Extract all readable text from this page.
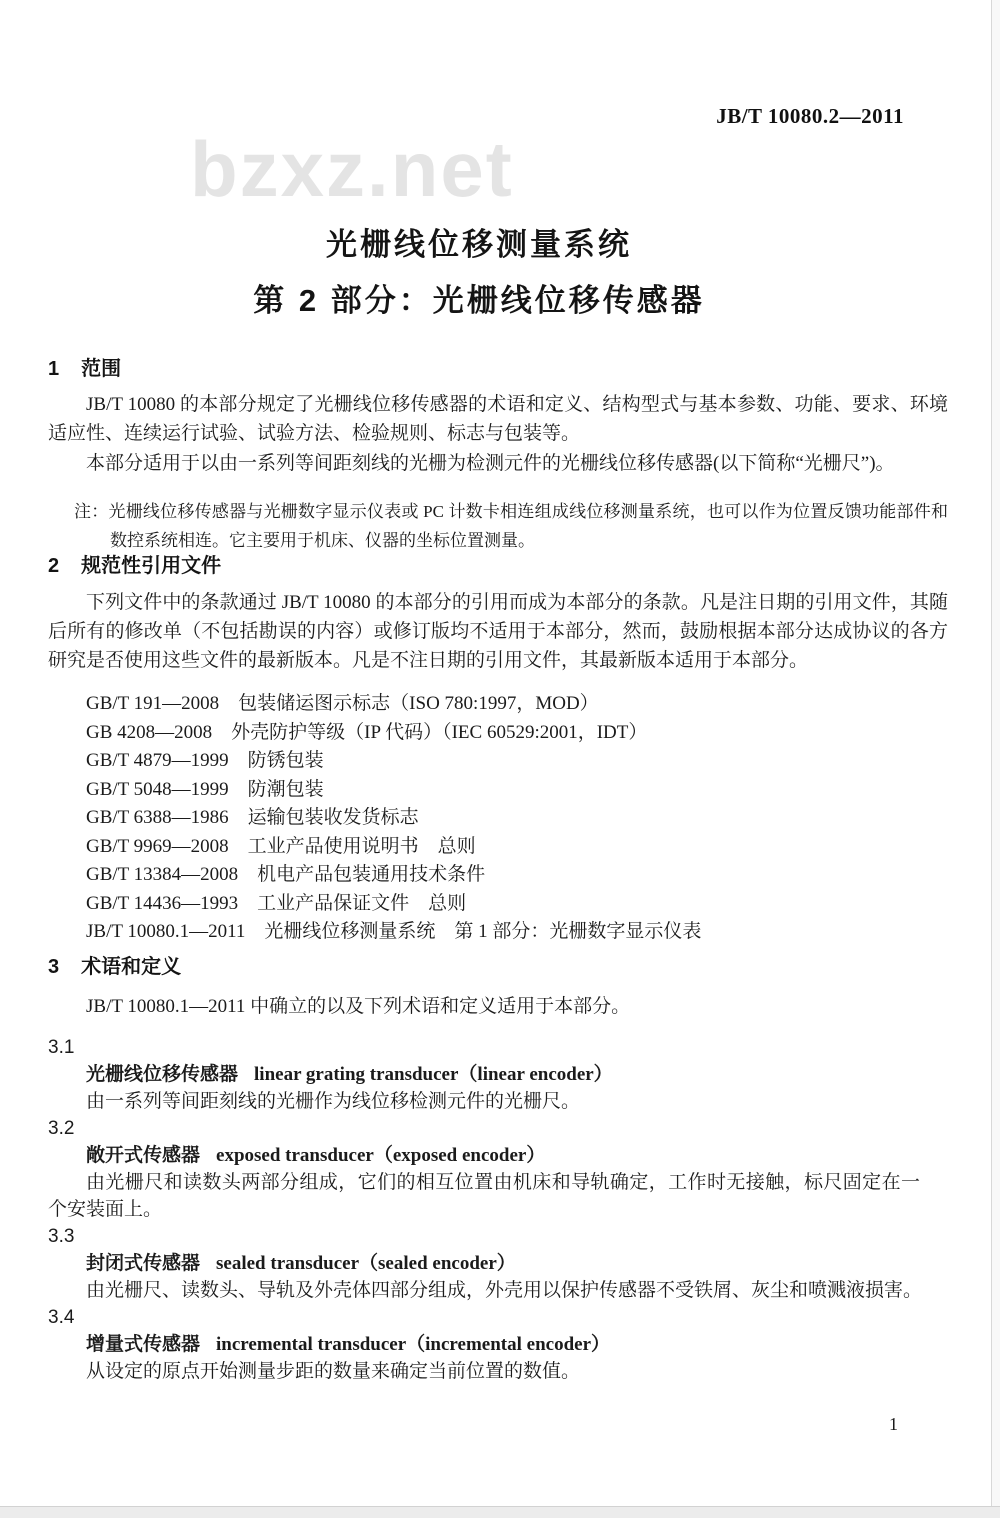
JB/T 10080.2—2011
bzxz.net
光栅线位移测量系统
第 2 部分：光栅线位移传感器
1 范围

JB/T 10080 的本部分规定了光栅线位移传感器的术语和定义、结构型式与基本参数、功能、要求、环境适应性、连续运行试验、试验方法、检验规则、标志与包装等。

本部分适用于以由一系列等间距刻线的光栅为检测元件的光栅线位移传感器(以下简称“光栅尺”)。

注：光栅线位移传感器与光栅数字显示仪表或 PC 计数卡相连组成线位移测量系统，也可以作为位置反馈功能部件和数控系统相连。它主要用于机床、仪器的坐标位置测量。

2 规范性引用文件

下列文件中的条款通过 JB/T 10080 的本部分的引用而成为本部分的条款。凡是注日期的引用文件，其随后所有的修改单（不包括勘误的内容）或修订版均不适用于本部分，然而，鼓励根据本部分达成协议的各方研究是否使用这些文件的最新版本。凡是不注日期的引用文件，其最新版本适用于本部分。

GB/T 191—2008　包装储运图示标志（ISO 780:1997，MOD）

GB 4208—2008　外壳防护等级（IP 代码）（IEC 60529:2001，IDT）

GB/T 4879—1999　防锈包装

GB/T 5048—1999　防潮包装

GB/T 6388—1986　运输包装收发货标志

GB/T 9969—2008　工业产品使用说明书　总则

GB/T 13384—2008　机电产品包装通用技术条件

GB/T 14436—1993　工业产品保证文件　总则

JB/T 10080.1—2011　光栅线位移测量系统　第 1 部分：光栅数字显示仪表

3 术语和定义

JB/T 10080.1—2011 中确立的以及下列术语和定义适用于本部分。

3.1

光栅线位移传感器 linear grating transducer（linear encoder）

由一系列等间距刻线的光栅作为线位移检测元件的光栅尺。

3.2

敞开式传感器 exposed transducer（exposed encoder）

由光栅尺和读数头两部分组成，它们的相互位置由机床和导轨确定，工作时无接触，标尺固定在一个安装面上。

3.3

封闭式传感器 sealed transducer（sealed encoder）

由光栅尺、读数头、导轨及外壳体四部分组成，外壳用以保护传感器不受铁屑、灰尘和喷溅液损害。

3.4

增量式传感器 incremental transducer（incremental encoder）

从设定的原点开始测量步距的数量来确定当前位置的数值。

1
